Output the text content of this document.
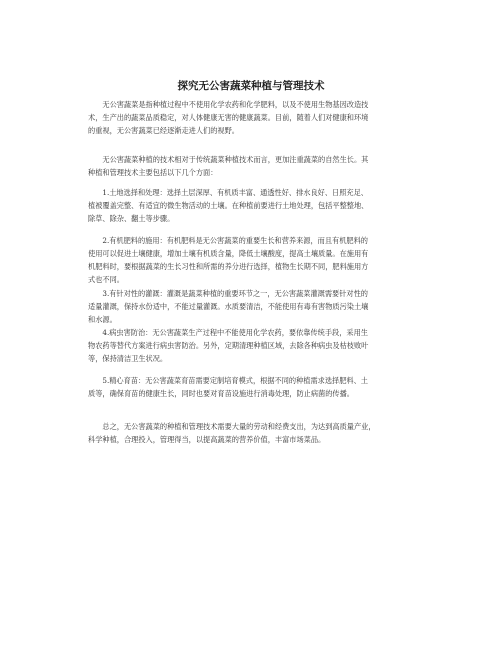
探究无公害蔬菜种植与管理技术
　　无公害蔬菜是指种植过程中不使用化学农药和化学肥料，以及不使用生物基因改造技
术，生产出的蔬菜品质稳定，对人体健康无害的健康蔬菜。目前，随着人们对健康和环境
的重视，无公害蔬菜已经逐渐走进人们的视野。
　　无公害蔬菜种植的技术相对于传统蔬菜种植技术而言，更加注重蔬菜的自然生长。其
种植和管理技术主要包括以下几个方面：
　　1.土地选择和处理：选择土层深厚、有机质丰富、通透性好、排水良好、日照充足、
植被覆盖完整、有适宜的微生物活动的土壤。在种植前要进行土地处理，包括平整整地、
除草、除杂、翻土等步骤。
　　2.有机肥料的施用：有机肥料是无公害蔬菜的重要生长和营养来源，而且有机肥料的
使用可以促进土壤健康，增加土壤有机质含量，降低土壤酸度，提高土壤质量。在施用有
机肥料时，要根据蔬菜的生长习性和所需的养分进行选择，植物生长期不同，肥料施用方
式也不同。
　　3.有针对性的灌溉：灌溉是蔬菜种植的重要环节之一，无公害蔬菜灌溉需要针对性的
适量灌溉，保持水份适中，不能过量灌溉。水质要清洁，不能使用有毒有害物质污染土壤
和水源。
　　4.病虫害防治：无公害蔬菜生产过程中不能使用化学农药，要依靠传统手段，采用生
物农药等替代方案进行病虫害防治。另外，定期清理种植区域，去除各种病虫及枯枝败叶
等，保持清洁卫生状况。
　　5.精心育苗：无公害蔬菜育苗需要定制培育模式，根据不同的种植需求选择肥料、土
质等，确保育苗的健康生长，同时也要对育苗设施进行消毒处理，防止病菌的传播。
　　总之，无公害蔬菜的种植和管理技术需要大量的劳动和经费支出，为达到高质量产业，
科学种植，合理投入，管理得当，以提高蔬菜的营养价值，丰富市场菜品。
